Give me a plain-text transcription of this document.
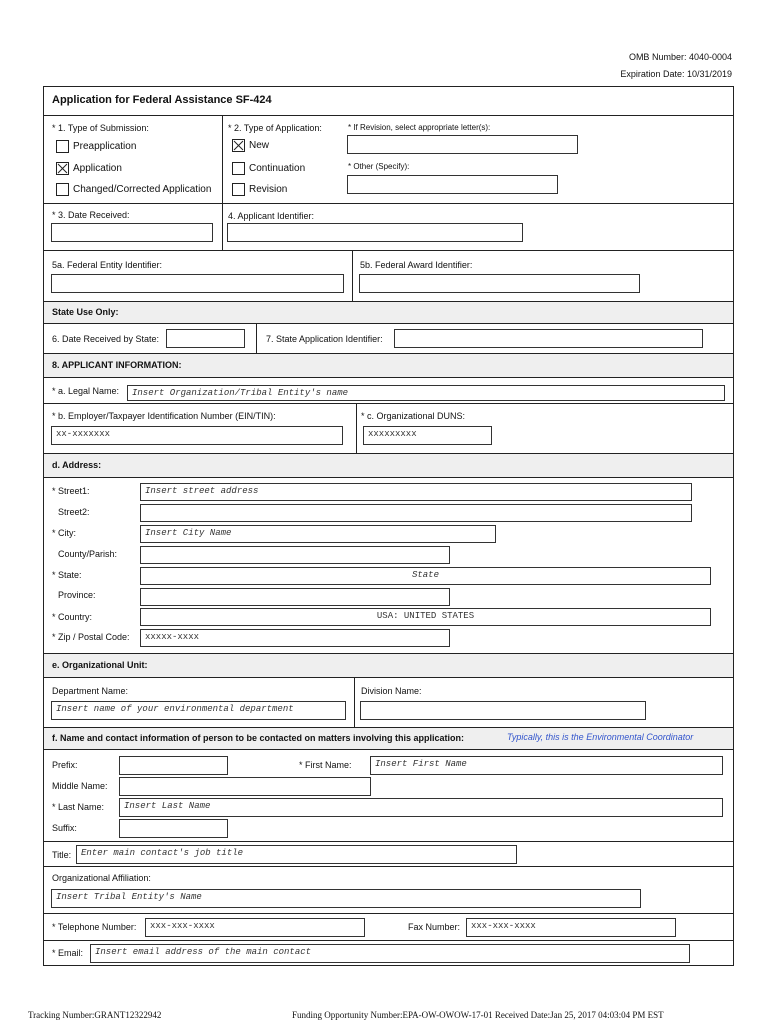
OMB Number: 4040-0004
Expiration Date: 10/31/2019
Application for Federal Assistance SF-424
* 1. Type of Submission:
Preapplication
Application
Changed/Corrected Application
* 2. Type of Application:
New
Continuation
Revision
* If Revision, select appropriate letter(s):
* Other (Specify):
* 3. Date Received:	4. Applicant Identifier:
5a. Federal Entity Identifier:	5b. Federal Award Identifier:
State Use Only:
6. Date Received by State:	7. State Application Identifier:
8. APPLICANT INFORMATION:
* a. Legal Name:	Insert Organization/Tribal Entity's name
* b. Employer/Taxpayer Identification Number (EIN/TIN):
xx-xxxxxxx
* c. Organizational DUNS:
xxxxxxxxx
d. Address:
* Street1:	Insert street address
Street2:
* City:	Insert City Name
County/Parish:
* State:	State
Province:
* Country:	USA: UNITED STATES
* Zip / Postal Code:	xxxxx-xxxx
e. Organizational Unit:
Department Name:
Insert name of your environmental department
Division Name:
f. Name and contact information of person to be contacted on matters involving this application:	Typically, this is the Environmental Coordinator
Prefix:	* First Name:	Insert First Name
Middle Name:
* Last Name:	Insert Last Name
Suffix:
Title:	Enter main contact's job title
Organizational Affiliation:
Insert Tribal Entity's Name
* Telephone Number:	xxx-xxx-xxxx	Fax Number:	xxx-xxx-xxxx
* Email:	Insert email address of the main contact
Tracking Number:GRANT12322942	Funding Opportunity Number:EPA-OW-OWOW-17-01 Received Date:Jan 25, 2017 04:03:04 PM EST
